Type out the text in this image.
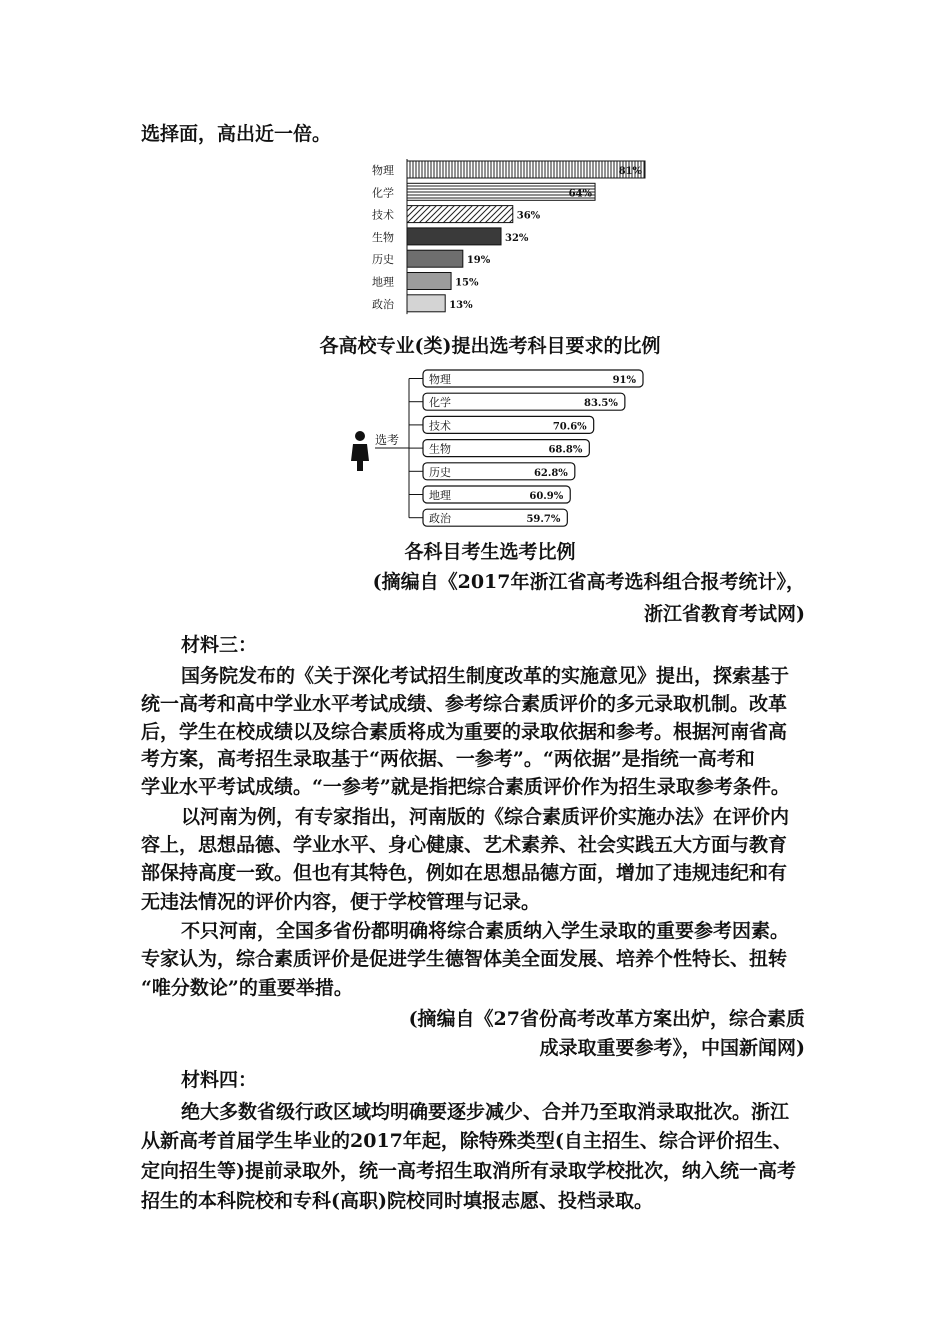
选择面，高出近一倍。
物理	81%
化学	64%
技术	36%
生物	32%
历史	19%
地理	15%
政治	13%
各高校专业(类)提出选考科目要求的比例
选考
物理	91%
化学	83.5%
技术	70.6%
生物	68.8%
历史	62.8%
地理	60.9%
政治	59.7%
各科目考生选考比例
(摘编自《2017年浙江省高考选科组合报考统计》，
浙江省教育考试网)
材料三：
国务院发布的《关于深化考试招生制度改革的实施意见》提出，探索基于
统一高考和高中学业水平考试成绩、参考综合素质评价的多元录取机制。改革
后，学生在校成绩以及综合素质将成为重要的录取依据和参考。根据河南省高
考方案，高考招生录取基于“两依据、一参考”。“两依据”是指统一高考和
学业水平考试成绩。“一参考”就是指把综合素质评价作为招生录取参考条件。
以河南为例，有专家指出，河南版的《综合素质评价实施办法》在评价内
容上，思想品德、学业水平、身心健康、艺术素养、社会实践五大方面与教育
部保持高度一致。但也有其特色，例如在思想品德方面，增加了违规违纪和有
无违法情况的评价内容，便于学校管理与记录。
不只河南，全国多省份都明确将综合素质纳入学生录取的重要参考因素。
专家认为，综合素质评价是促进学生德智体美全面发展、培养个性特长、扭转
“唯分数论”的重要举措。
(摘编自《27省份高考改革方案出炉，综合素质
成录取重要参考》，中国新闻网)
材料四：
绝大多数省级行政区域均明确要逐步减少、合并乃至取消录取批次。浙江
从新高考首届学生毕业的2017年起，除特殊类型(自主招生、综合评价招生、
定向招生等)提前录取外，统一高考招生取消所有录取学校批次，纳入统一高考
招生的本科院校和专科(高职)院校同时填报志愿、投档录取。
